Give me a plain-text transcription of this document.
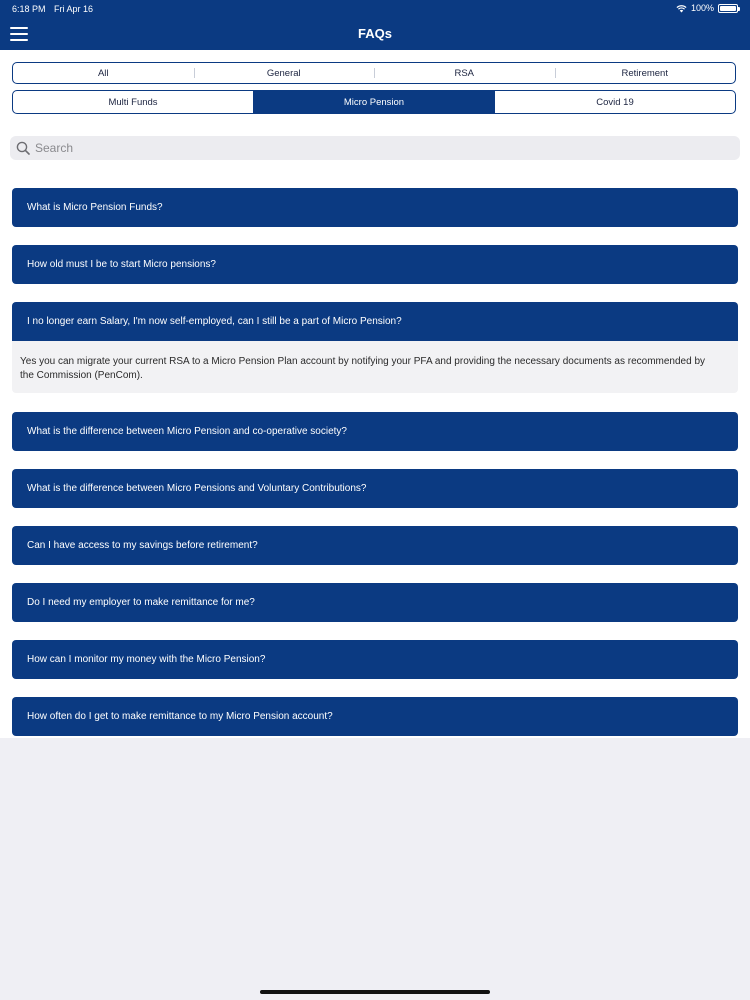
6:18 PM Fri Apr 16	100%
FAQs
All	General	RSA	Retirement
Multi Funds	Micro Pension	Covid 19
Search
What is Micro Pension Funds?
How old must I be to start Micro pensions?
I no longer earn Salary, I'm now self-employed, can I still be a part of Micro Pension?
Yes you can migrate your current RSA to a Micro Pension Plan account by notifying your PFA and providing the necessary documents as recommended by the Commission (PenCom).
What is the difference between Micro Pension and co-operative society?
What is the difference between Micro Pensions and Voluntary Contributions?
Can I have access to my savings before retirement?
Do I need my employer to make remittance for me?
How can I monitor my money with the Micro Pension?
How often do I get to make remittance to my Micro Pension account?
